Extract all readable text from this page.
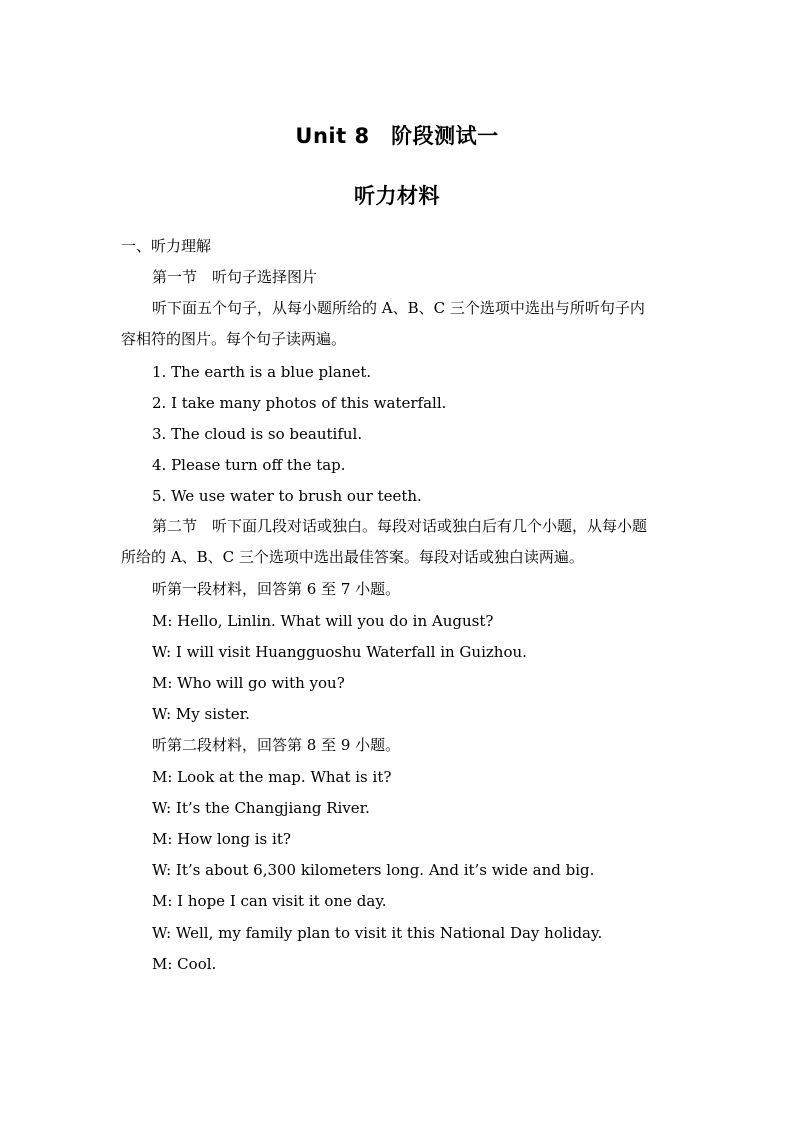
Unit 8　阶段测试一
听力材料
一、听力理解
第一节　听句子选择图片
听下面五个句子，从每小题所给的 A、B、C 三个选项中选出与所听句子内
容相符的图片。每个句子读两遍。
1. The earth is a blue planet.
2. I take many photos of this waterfall.
3. The cloud is so beautiful.
4. Please turn off the tap.
5. We use water to brush our teeth.
第二节　听下面几段对话或独白。每段对话或独白后有几个小题，从每小题
所给的 A、B、C 三个选项中选出最佳答案。每段对话或独白读两遍。
听第一段材料，回答第 6 至 7 小题。
M: Hello, Linlin. What will you do in August?
W: I will visit Huangguoshu Waterfall in Guizhou.
M: Who will go with you?
W: My sister.
听第二段材料，回答第 8 至 9 小题。
M: Look at the map. What is it?
W: It’s the Changjiang River.
M: How long is it?
W: It’s about 6,300 kilometers long. And it’s wide and big.
M: I hope I can visit it one day.
W: Well, my family plan to visit it this National Day holiday.
M: Cool.
